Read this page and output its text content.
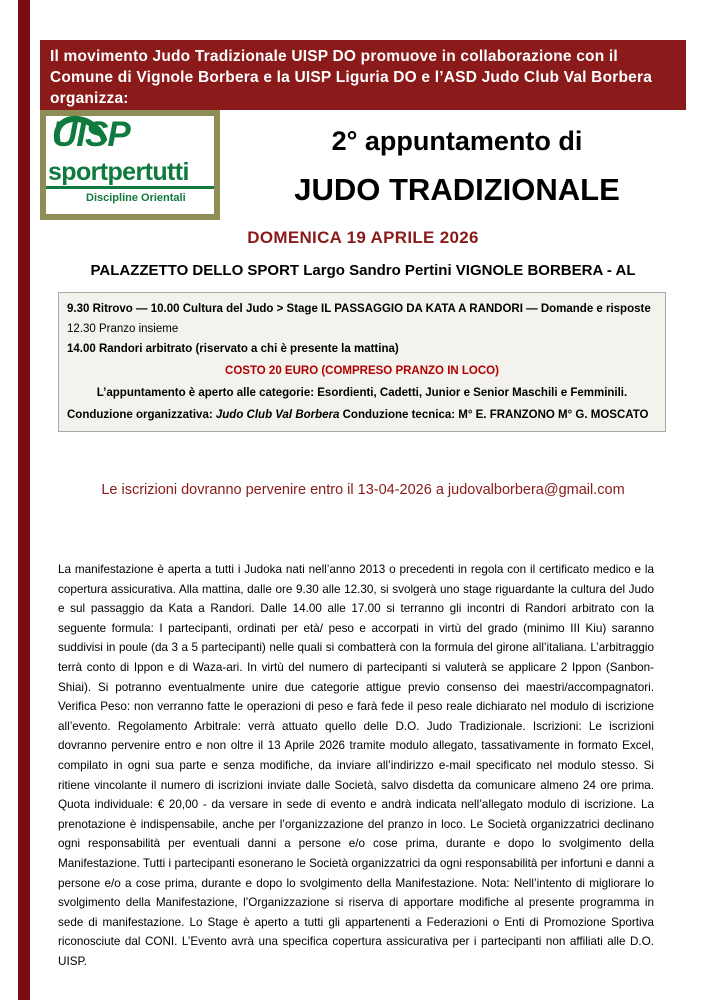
Il movimento Judo Tradizionale UISP DO promuove in collaborazione con il Comune di Vignole Borbera e la UISP Liguria DO e l’ASD Judo Club Val Borbera organizza:
UISP
sportpertutti
Discipline Orientali
2° appuntamento di
JUDO TRADIZIONALE
DOMENICA 19 APRILE 2026
PALAZZETTO DELLO SPORT Largo Sandro Pertini VIGNOLE BORBERA - AL
9.30 Ritrovo — 10.00 Cultura del Judo > Stage IL PASSAGGIO DA KATA A RANDORI — Domande e risposte
12.30 Pranzo insieme
14.00 Randori arbitrato (riservato a chi è presente la mattina)
COSTO 20 EURO (COMPRESO PRANZO IN LOCO)
L’appuntamento è aperto alle categorie: Esordienti, Cadetti, Junior e Senior Maschili e Femminili.
Conduzione organizzativa: Judo Club Val Borbera Conduzione tecnica: M° E. FRANZONO M° G. MOSCATO
Le iscrizioni dovranno pervenire entro il 13-04-2026 a judovalborbera@gmail.com
La manifestazione è aperta a tutti i Judoka nati nell’anno 2013 o precedenti in regola con il certificato medico e la copertura assicurativa. Alla mattina, dalle ore 9.30 alle 12.30, si svolgerà uno stage riguardante la cultura del Judo e sul passaggio da Kata a Randori. Dalle 14.00 alle 17.00 si terranno gli incontri di Randori arbitrato con la seguente formula: I partecipanti, ordinati per età/ peso e accorpati in virtù del grado (minimo III Kiu) saranno suddivisi in poule (da 3 a 5 partecipanti) nelle quali si combatterà con la formula del girone all’italiana. L’arbitraggio terrà conto di Ippon e di Waza-ari. In virtù del numero di partecipanti si valuterà se applicare 2 Ippon (Sanbon- Shiai). Si potranno eventualmente unire due categorie attigue previo consenso dei maestri/accompagnatori. Verifica Peso: non verranno fatte le operazioni di peso e farà fede il peso reale dichiarato nel modulo di iscrizione all’evento. Regolamento Arbitrale: verrà attuato quello delle D.O. Judo Tradizionale. Iscrizioni: Le iscrizioni dovranno pervenire entro e non oltre il 13 Aprile 2026 tramite modulo allegato, tassativamente in formato Excel, compilato in ogni sua parte e senza modifiche, da inviare all’indirizzo e-mail specificato nel modulo stesso. Si ritiene vincolante il numero di iscrizioni inviate dalle Società, salvo disdetta da comunicare almeno 24 ore prima. Quota individuale: € 20,00 - da versare in sede di evento e andrà indicata nell’allegato modulo di iscrizione. La prenotazione è indispensabile, anche per l’organizzazione del pranzo in loco. Le Società organizzatrici declinano ogni responsabilità per eventuali danni a persone e/o cose prima, durante e dopo lo svolgimento della Manifestazione. Tutti i partecipanti esonerano le Società organizzatrici da ogni responsabilità per infortuni e danni a persone e/o a cose prima, durante e dopo lo svolgimento della Manifestazione. Nota: Nell’intento di migliorare lo svolgimento della Manifestazione, l’Organizzazione si riserva di apportare modifiche al presente programma in sede di manifestazione. Lo Stage è aperto a tutti gli appartenenti a Federazioni o Enti di Promozione Sportiva riconosciute dal CONI. L’Evento avrà una specifica copertura assicurativa per i partecipanti non affiliati alle D.O. UISP.
